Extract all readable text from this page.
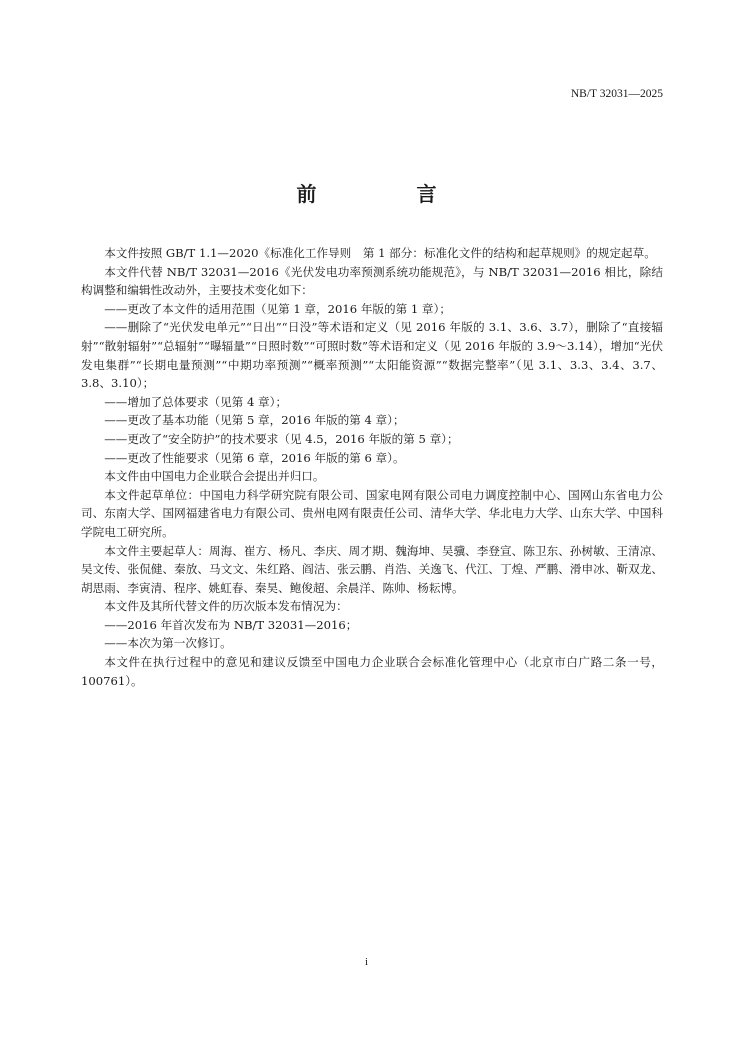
NB/T 32031—2025
前　言

本文件按照 GB/T 1.1—2020《标准化工作导则　第 1 部分：标准化文件的结构和起草规则》的规定起草。

本文件代替 NB/T 32031—2016《光伏发电功率预测系统功能规范》，与 NB/T 32031—2016 相比，除结构调整和编辑性改动外，主要技术变化如下：

——更改了本文件的适用范围（见第 1 章，2016 年版的第 1 章）；

——删除了“光伏发电单元”“日出”“日没”等术语和定义（见 2016 年版的 3.1、3.6、3.7），删除了“直接辐射”“散射辐射”“总辐射”“曝辐量”“日照时数”“可照时数”等术语和定义（见 2016 年版的 3.9～3.14），增加“光伏发电集群”“长期电量预测”“中期功率预测”“概率预测”“太阳能资源”“数据完整率”（见 3.1、3.3、3.4、3.7、3.8、3.10）；

——增加了总体要求（见第 4 章）；

——更改了基本功能（见第 5 章，2016 年版的第 4 章）；

——更改了“安全防护”的技术要求（见 4.5，2016 年版的第 5 章）；

——更改了性能要求（见第 6 章，2016 年版的第 6 章）。

本文件由中国电力企业联合会提出并归口。

本文件起草单位：中国电力科学研究院有限公司、国家电网有限公司电力调度控制中心、国网山东省电力公司、东南大学、国网福建省电力有限公司、贵州电网有限责任公司、清华大学、华北电力大学、山东大学、中国科学院电工研究所。

本文件主要起草人：周海、崔方、杨凡、李庆、周才期、魏海坤、吴骥、李登宣、陈卫东、孙树敏、王清凉、吴文传、张侃健、秦放、马文文、朱红路、阎洁、张云鹏、肖浩、关逸飞、代江、丁煌、严鹏、滑申冰、靳双龙、胡思雨、李寅清、程序、姚虹春、秦昊、鲍俊超、余晨洋、陈帅、杨耘博。

本文件及其所代替文件的历次版本发布情况为：

——2016 年首次发布为 NB/T 32031—2016；

——本次为第一次修订。

本文件在执行过程中的意见和建议反馈至中国电力企业联合会标准化管理中心（北京市白广路二条一号，100761）。

i
